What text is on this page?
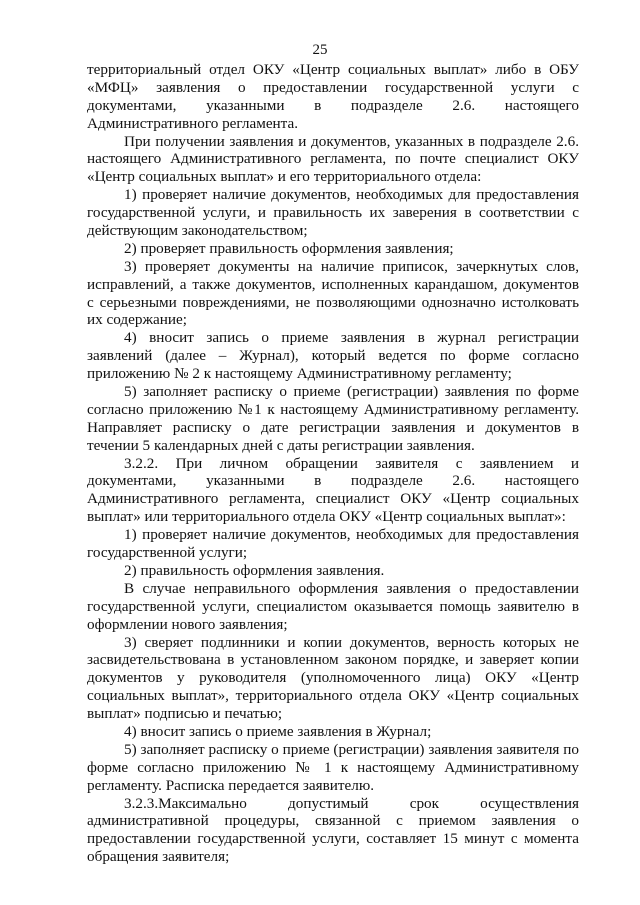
25
территориальный отдел ОКУ «Центр социальных выплат» либо в ОБУ
«МФЦ» заявления о предоставлении государственной услуги с
документами, указанными в подразделе 2.6. настоящего
Административного регламента.
При получении заявления и документов, указанных в подразделе 2.6.
настоящего Административного регламента, по почте специалист ОКУ
«Центр социальных выплат» и его территориального отдела:
1) проверяет наличие документов, необходимых для предоставления
государственной услуги, и правильность их заверения в соответствии с
действующим законодательством;
2) проверяет правильность оформления заявления;
3) проверяет документы на наличие приписок, зачеркнутых слов,
исправлений, а также документов, исполненных карандашом, документов
с серьезными повреждениями, не позволяющими однозначно истолковать
их содержание;
4) вносит запись о приеме заявления в журнал регистрации
заявлений (далее – Журнал), который ведется по форме согласно
приложению № 2 к настоящему Административному регламенту;
5) заполняет расписку о приеме (регистрации) заявления по форме
согласно приложению №1 к настоящему Административному регламенту.
Направляет расписку о дате регистрации заявления и документов в
течении 5 календарных дней с даты регистрации заявления.
3.2.2. При личном обращении заявителя с заявлением и
документами, указанными в подразделе 2.6. настоящего
Административного регламента, специалист ОКУ «Центр социальных
выплат» или территориального отдела ОКУ «Центр социальных выплат»:
1) проверяет наличие документов, необходимых для предоставления
государственной услуги;
2) правильность оформления заявления.
В случае неправильного оформления заявления о предоставлении
государственной услуги, специалистом оказывается помощь заявителю в
оформлении нового заявления;
3) сверяет подлинники и копии документов, верность которых не
засвидетельствована в установленном законом порядке, и заверяет копии
документов у руководителя (уполномоченного лица) ОКУ «Центр
социальных выплат», территориального отдела ОКУ «Центр социальных
выплат» подписью и печатью;
4) вносит запись о приеме заявления в Журнал;
5) заполняет расписку о приеме (регистрации) заявления заявителя по
форме согласно приложению № 1 к настоящему Административному
регламенту. Расписка передается заявителю.
3.2.3.Максимально допустимый срок осуществления
административной процедуры, связанной с приемом заявления о
предоставлении государственной услуги, составляет 15 минут с момента
обращения заявителя;
